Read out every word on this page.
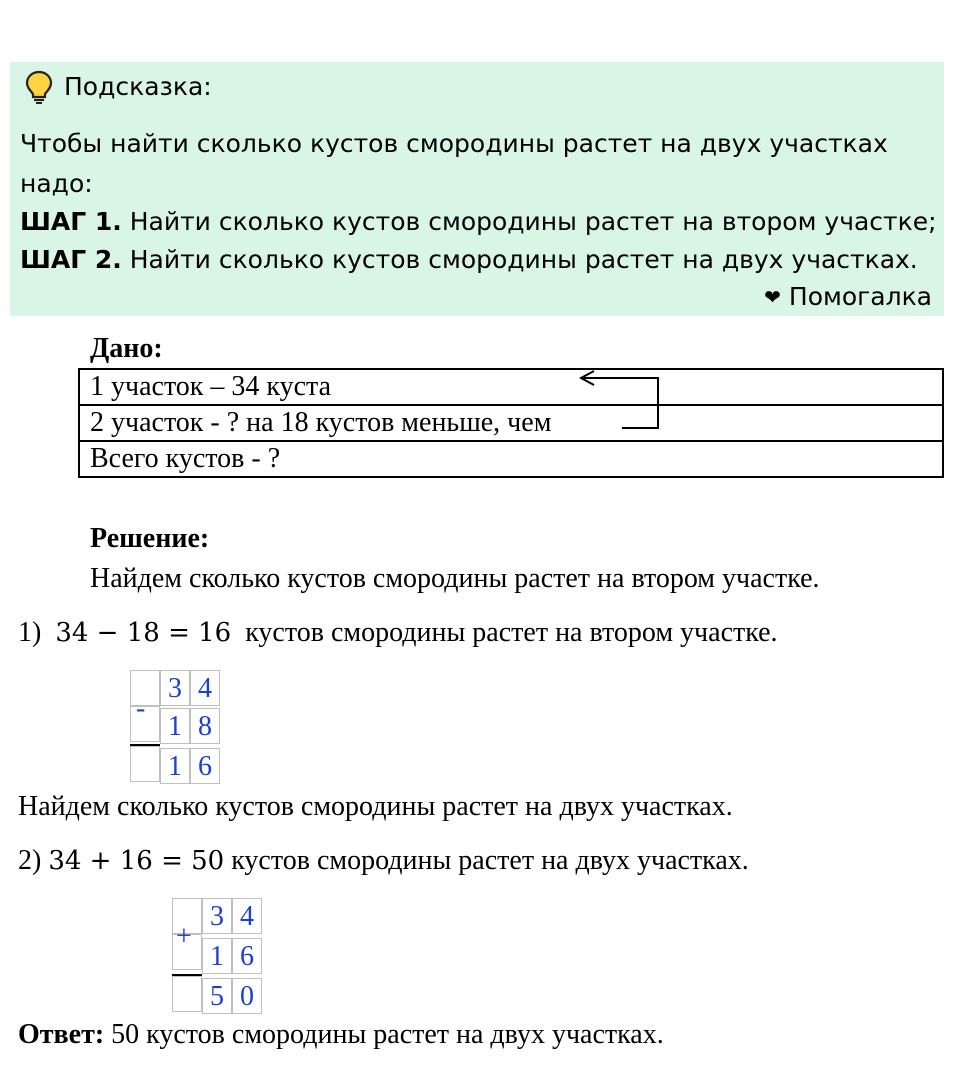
Подсказка:
Чтобы найти сколько кустов смородины растет на двух участках
надо:
ШАГ 1. Найти сколько кустов смородины растет на втором участке;
ШАГ 2. Найти сколько кустов смородины растет на двух участках.
❤ Помогалка
Дано:
1 участок – 34 куста
2 участок - ? на 18 кустов меньше, чем
Всего кустов - ?
Решение:
Найдем сколько кустов смородины растет на втором участке.
1) 34 − 18 = 16 кустов смородины растет на втором участке.
-
3 4
1 8
1 6
Найдем сколько кустов смородины растет на двух участках.
2) 34 + 16 = 50 кустов смородины растет на двух участках.
+
3 4
1 6
5 0
Ответ: 50 кустов смородины растет на двух участках.
